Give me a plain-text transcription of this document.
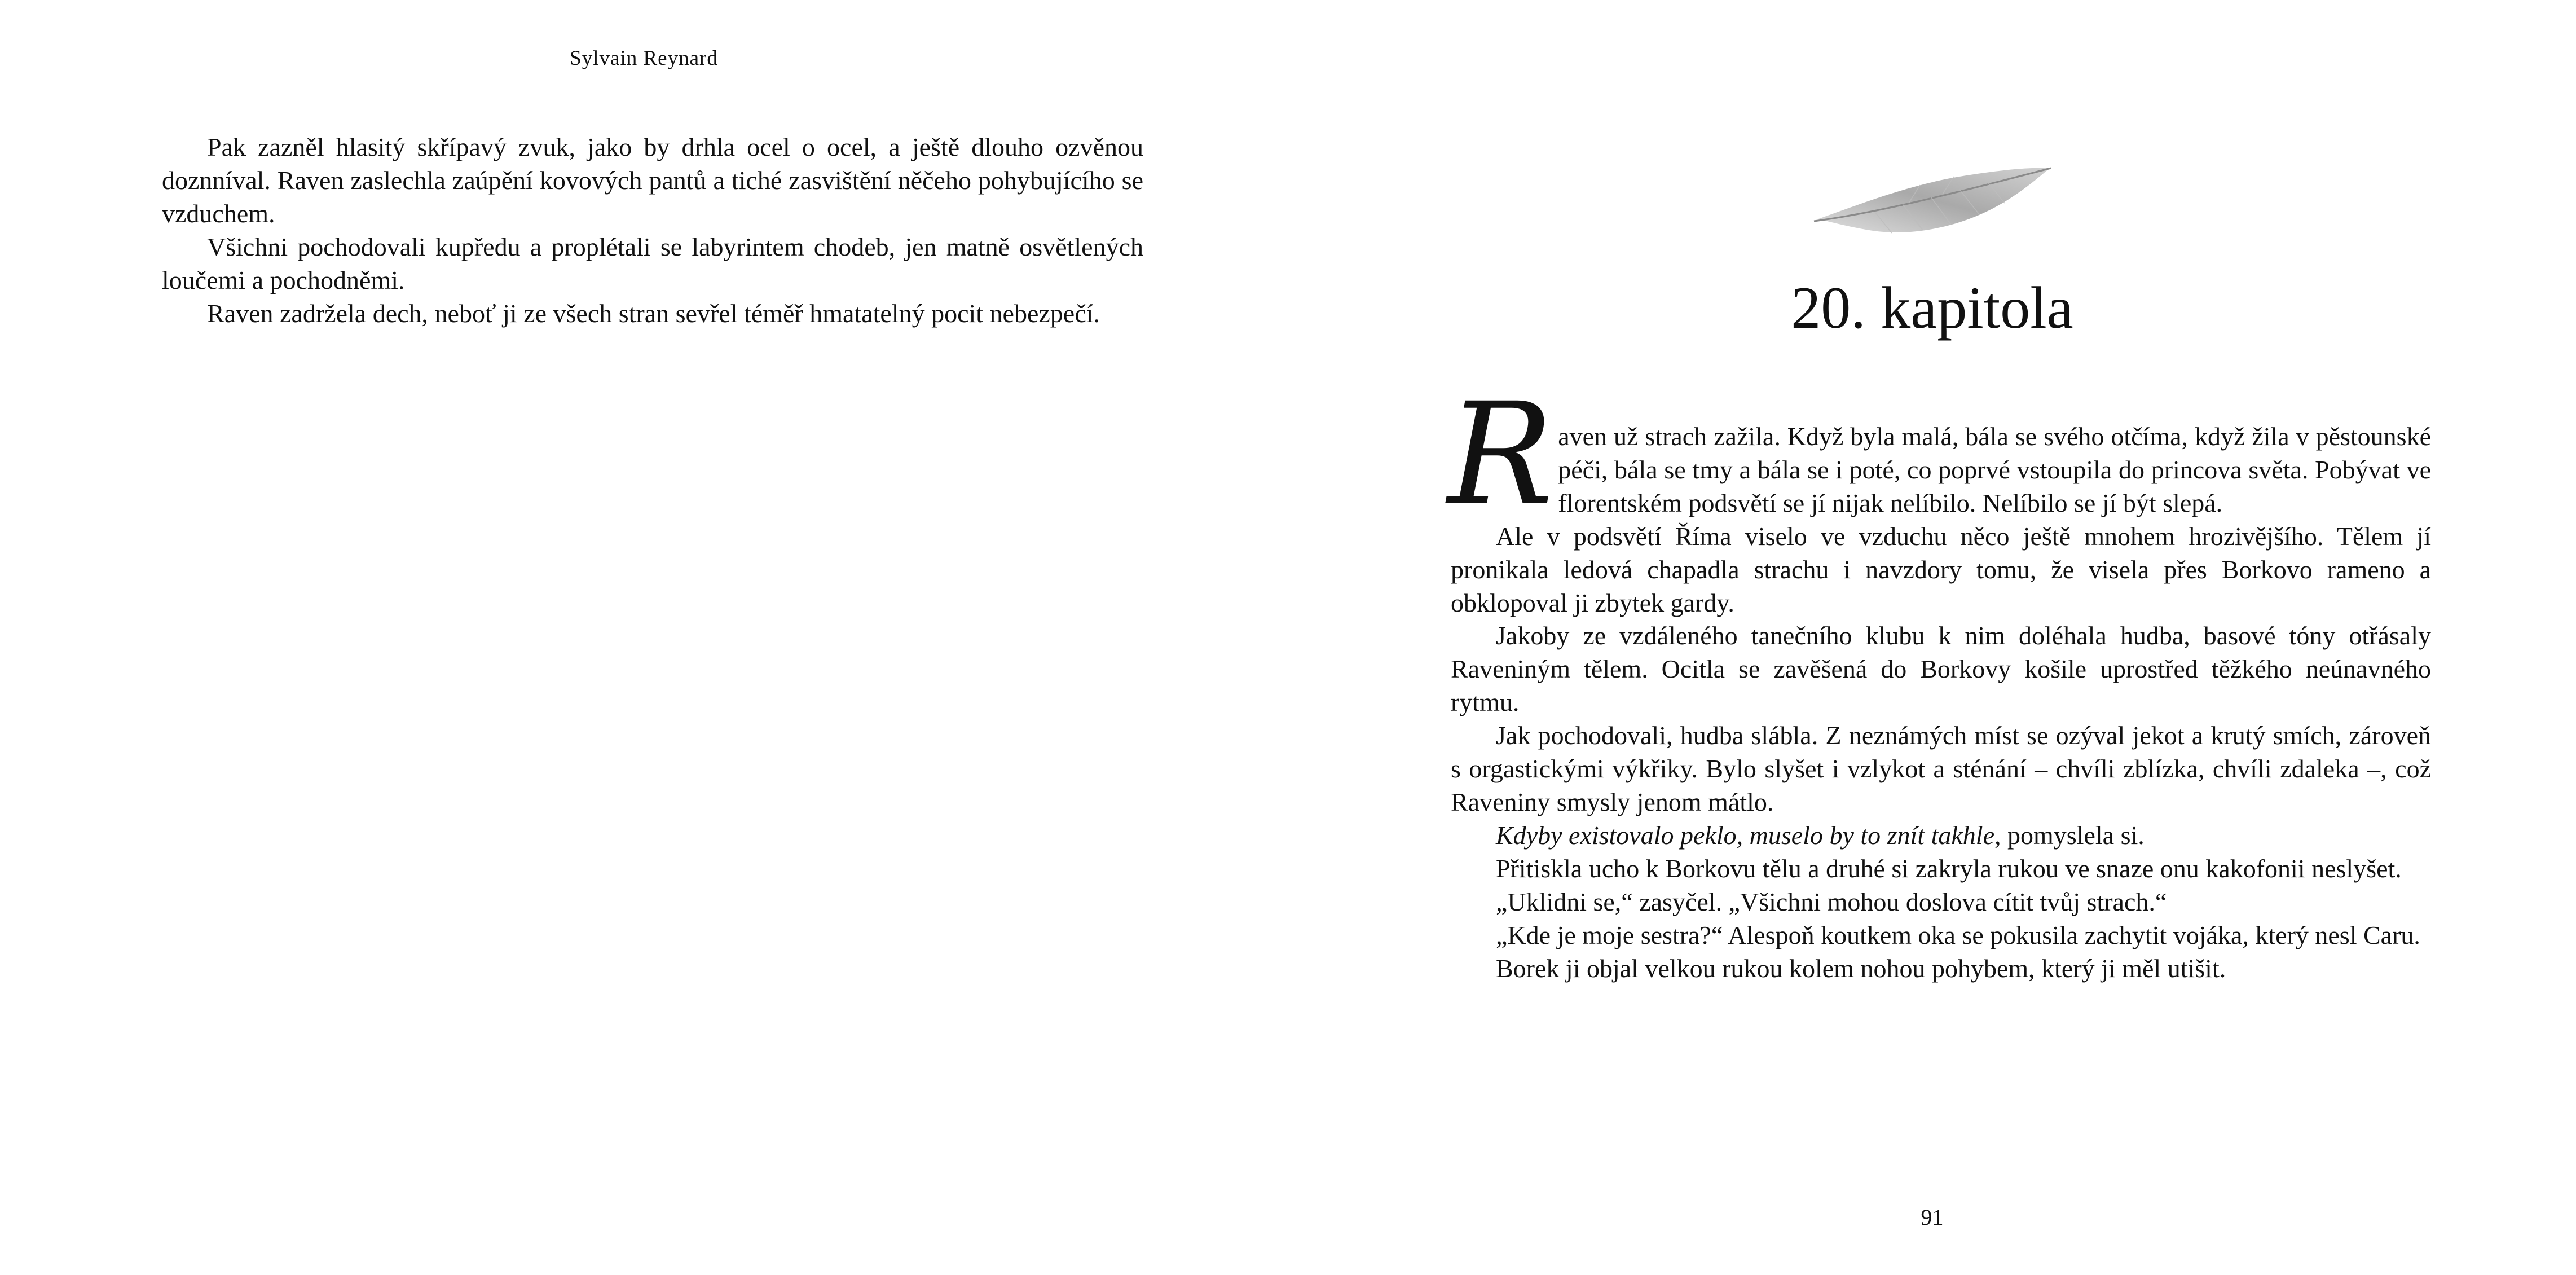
Sylvain Reynard

Pak zazněl hlasitý skřípavý zvuk, jako by drhla ocel o ocel, a ještě dlouho ozvěnou doznníval. Raven zaslechla zaúpění kovových pantů a tiché zasvištění něčeho pohybujícího se vzduchem.

Všichni pochodovali kupředu a proplétali se labyrintem chodeb, jen matně osvětlených loučemi a pochodněmi.

Raven zadržela dech, neboť ji ze všech stran sevřel téměř hmatatelný pocit nebezpečí.	20. kapitola

Raven už strach zažila. Když byla malá, bála se svého otčíma, když žila v pěstounské péči, bála se tmy a bála se i poté, co poprvé vstoupila do princova světa. Pobývat ve florentském podsvětí se jí nijak nelíbilo. Nelíbilo se jí být slepá.

Ale v podsvětí Říma viselo ve vzduchu něco ještě mnohem hrozivějšího. Tělem jí pronikala ledová chapadla strachu i navzdory tomu, že visela přes Borkovo rameno a obklopoval ji zbytek gardy.

Jakoby ze vzdáleného tanečního klubu k nim doléhala hudba, basové tóny otřásaly Raveniným tělem. Ocitla se zavěšená do Borkovy košile uprostřed těžkého neúnavného rytmu.

Jak pochodovali, hudba slábla. Z neznámých míst se ozýval jekot a krutý smích, zároveň s orgastickými výkřiky. Bylo slyšet i vzlykot a sténání – chvíli zblízka, chvíli zdaleka –, což Raveniny smysly jenom mátlo.

Kdyby existovalo peklo, muselo by to znít takhle, pomyslela si.

Přitiskla ucho k Borkovu tělu a druhé si zakryla rukou ve snaze onu kakofonii neslyšet.

„Uklidni se,“ zasyčel. „Všichni mohou doslova cítit tvůj strach.“

„Kde je moje sestra?“ Alespoň koutkem oka se pokusila zachytit vojáka, který nesl Caru.

Borek ji objal velkou rukou kolem nohou pohybem, který ji měl utišit.

91
